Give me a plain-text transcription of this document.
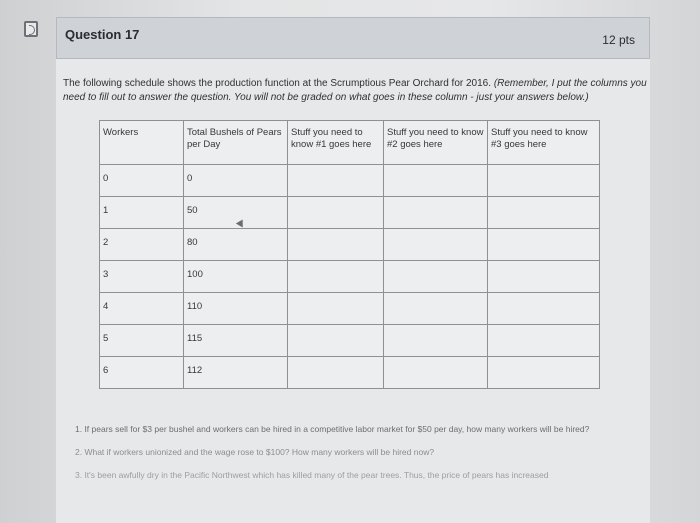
Question 17	12 pts
The following schedule shows the production function at the Scrumptious Pear Orchard for 2016. (Remember, I put the columns you need to fill out to answer the question. You will not be graded on what goes in these column - just your answers below.)
Workers	Total Bushels of Pears per Day	Stuff you need to know #1 goes here	Stuff you need to know #2 goes here	Stuff you need to know #3 goes here
0	0			
1	50			
2	80			
3	100			
4	110			
5	115			
6	112			
1. If pears sell for $3 per bushel and workers can be hired in a competitive labor market for $50 per day, how many workers will be hired?
2. What if workers unionized and the wage rose to $100? How many workers will be hired now?
3. It's been awfully dry in the Pacific Northwest which has killed many of the pear trees. Thus, the price of pears has increased
